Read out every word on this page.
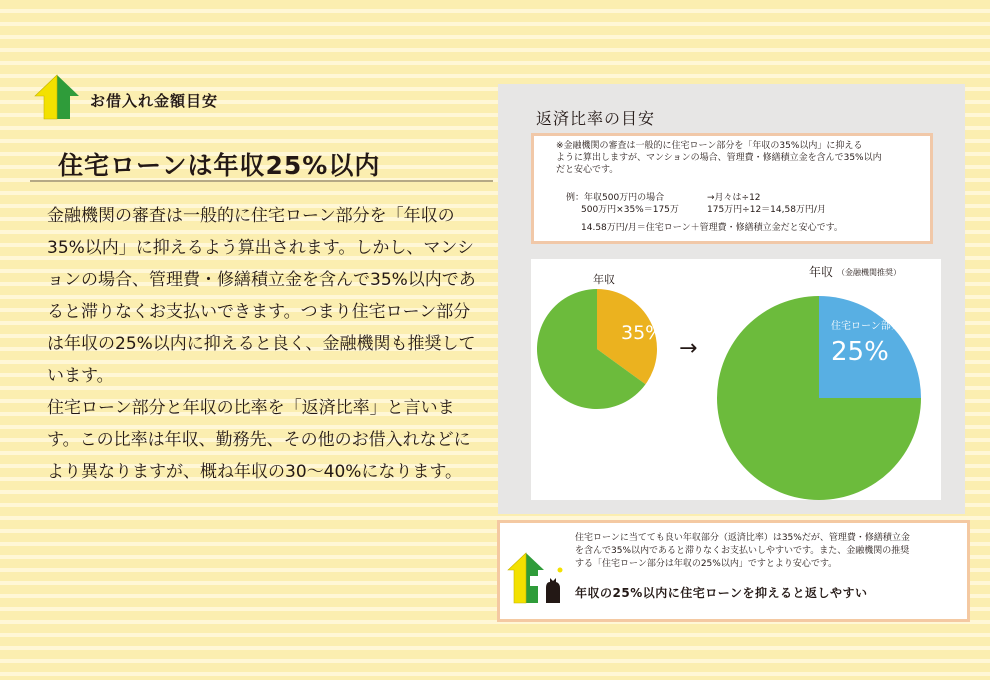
お借入れ金額目安
住宅ローンは年収25%以内

金融機関の審査は一般的に住宅ローン部分を「年収の35%以内」に抑えるよう算出されます。しかし、マンションの場合、管理費・修繕積立金を含んで35%以内であると滞りなくお支払いできます。つまり住宅ローン部分は年収の25%以内に抑えると良く、金融機関も推奨しています。

住宅ローン部分と年収の比率を「返済比率」と言います。この比率は年収、勤務先、その他のお借入れなどにより異なりますが、概ね年収の30〜40%になります。

返済比率の目安
※金融機関の審査は一般的に住宅ローン部分を「年収の35%以内」に抑える
ように算出しますが、マンションの場合、管理費・修繕積立金を含んで35%以内
だと安心です。
例：年収500万円の場合
500万円×35%＝175万
→月々は÷12
175万円÷12＝14,58万円/月
14.58万円/月＝住宅ローン＋管理費・修繕積立金だと安心です。
年収
35%
→
年収 （金融機関推奨）
住宅ローン部分
25%
住宅ローンに当てても良い年収部分（返済比率）は35%だが、管理費・修繕積立金
を含んで35%以内であると滞りなくお支払いしやすいです。また、金融機関の推奨
する「住宅ローン部分は年収の25%以内」ですとより安心です。
年収の25%以内に住宅ローンを抑えると返しやすい
